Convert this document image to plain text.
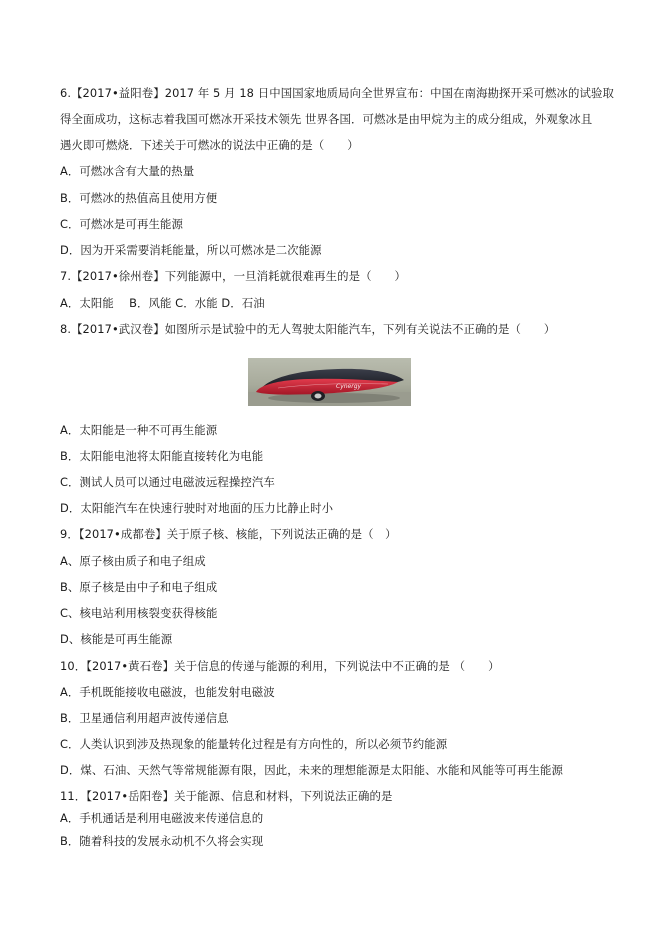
6.【2017•益阳卷】2017 年 5 月 18 日中国国家地质局向全世界宣布：中国在南海勘探开采可燃冰的试验取
得全面成功，这标志着我国可燃冰开采技术领先 世界各国．可燃冰是由甲烷为主的成分组成，外观象冰且
遇火即可燃烧．下述关于可燃冰的说法中正确的是（　　）
A．可燃冰含有大量的热量
B．可燃冰的热值高且使用方便
C．可燃冰是可再生能源
D．因为开采需要消耗能量，所以可燃冰是二次能源
7.【2017•徐州卷】下列能源中，一旦消耗就很难再生的是（　　）
A．太阳能　 B．风能 C．水能 D．石油
8.【2017•武汉卷】如图所示是试验中的无人驾驶太阳能汽车，下列有关说法不正确的是（　　）
Cynergy
A．太阳能是一种不可再生能源
B．太阳能电池将太阳能直接转化为电能
C．测试人员可以通过电磁波远程操控汽车
D．太阳能汽车在快速行驶时对地面的压力比静止时小
9．【2017•成都卷】关于原子核、核能，下列说法正确的是（　）
A、原子核由质子和电子组成
B、原子核是由中子和电子组成
C、核电站利用核裂变获得核能
D、核能是可再生能源
10．【2017•黄石卷】关于信息的传递与能源的利用，下列说法中不正确的是 （　　）
A．手机既能接收电磁波，也能发射电磁波
B．卫星通信利用超声波传递信息
C．人类认识到涉及热现象的能量转化过程是有方向性的，所以必须节约能源
D．煤、石油、天然气等常规能源有限，因此，未来的理想能源是太阳能、水能和风能等可再生能源
11．【2017•岳阳卷】关于能源、信息和材料，下列说法正确的是
A．手机通话是利用电磁波来传递信息的
B．随着科技的发展永动机不久将会实现
